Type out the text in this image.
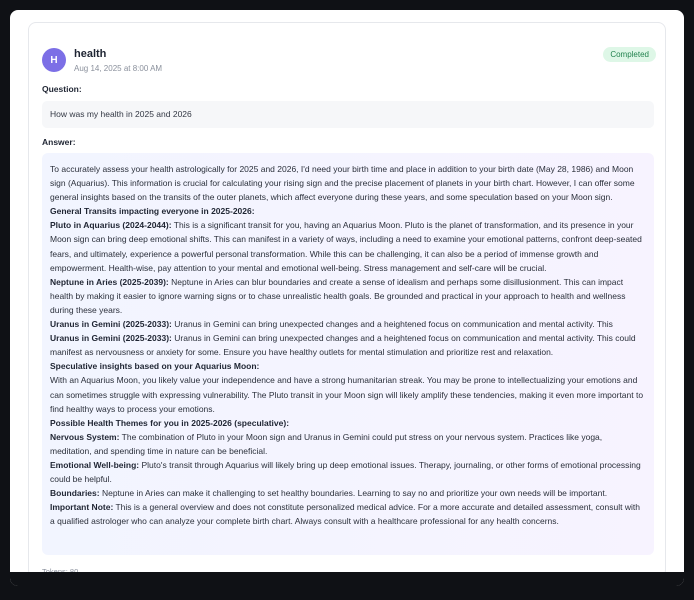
H	health
Aug 14, 2025 at 8:00 AM
Completed
Question:
How was my health in 2025 and 2026
Answer:

To accurately assess your health astrologically for 2025 and 2026, I'd need your birth time and place in addition to your birth date (May 28, 1986) and Moon sign (Aquarius). This information is crucial for calculating your rising sign and the precise placement of planets in your birth chart. However, I can offer some general insights based on the transits of the outer planets, which affect everyone during these years, and some speculation based on your Moon sign.

General Transits impacting everyone in 2025-2026:

Pluto in Aquarius (2024-2044): This is a significant transit for you, having an Aquarius Moon. Pluto is the planet of transformation, and its presence in your Moon sign can bring deep emotional shifts. This can manifest in a variety of ways, including a need to examine your emotional patterns, confront deep-seated fears, and ultimately, experience a powerful personal transformation. While this can be challenging, it can also be a period of immense growth and empowerment. Health-wise, pay attention to your mental and emotional well-being. Stress management and self-care will be crucial.

Neptune in Aries (2025-2039): Neptune in Aries can blur boundaries and create a sense of idealism and perhaps some disillusionment. This can impact health by making it easier to ignore warning signs or to chase unrealistic health goals. Be grounded and practical in your approach to health and wellness during these years.

Uranus in Gemini (2025-2033): Uranus in Gemini can bring unexpected changes and a heightened focus on communication and mental activity. This

Uranus in Gemini (2025-2033): Uranus in Gemini can bring unexpected changes and a heightened focus on communication and mental activity. This could manifest as nervousness or anxiety for some. Ensure you have healthy outlets for mental stimulation and prioritize rest and relaxation.

Speculative insights based on your Aquarius Moon:

With an Aquarius Moon, you likely value your independence and have a strong humanitarian streak. You may be prone to intellectualizing your emotions and can sometimes struggle with expressing vulnerability. The Pluto transit in your Moon sign will likely amplify these tendencies, making it even more important to find healthy ways to process your emotions.

Possible Health Themes for you in 2025-2026 (speculative):

Nervous System: The combination of Pluto in your Moon sign and Uranus in Gemini could put stress on your nervous system. Practices like yoga, meditation, and spending time in nature can be beneficial.

Emotional Well-being: Pluto's transit through Aquarius will likely bring up deep emotional issues. Therapy, journaling, or other forms of emotional processing could be helpful.

Boundaries: Neptune in Aries can make it challenging to set healthy boundaries. Learning to say no and prioritize your own needs will be important.

Important Note: This is a general overview and does not constitute personalized medical advice. For a more accurate and detailed assessment, consult with a qualified astrologer who can analyze your complete birth chart. Always consult with a healthcare professional for any health concerns.
